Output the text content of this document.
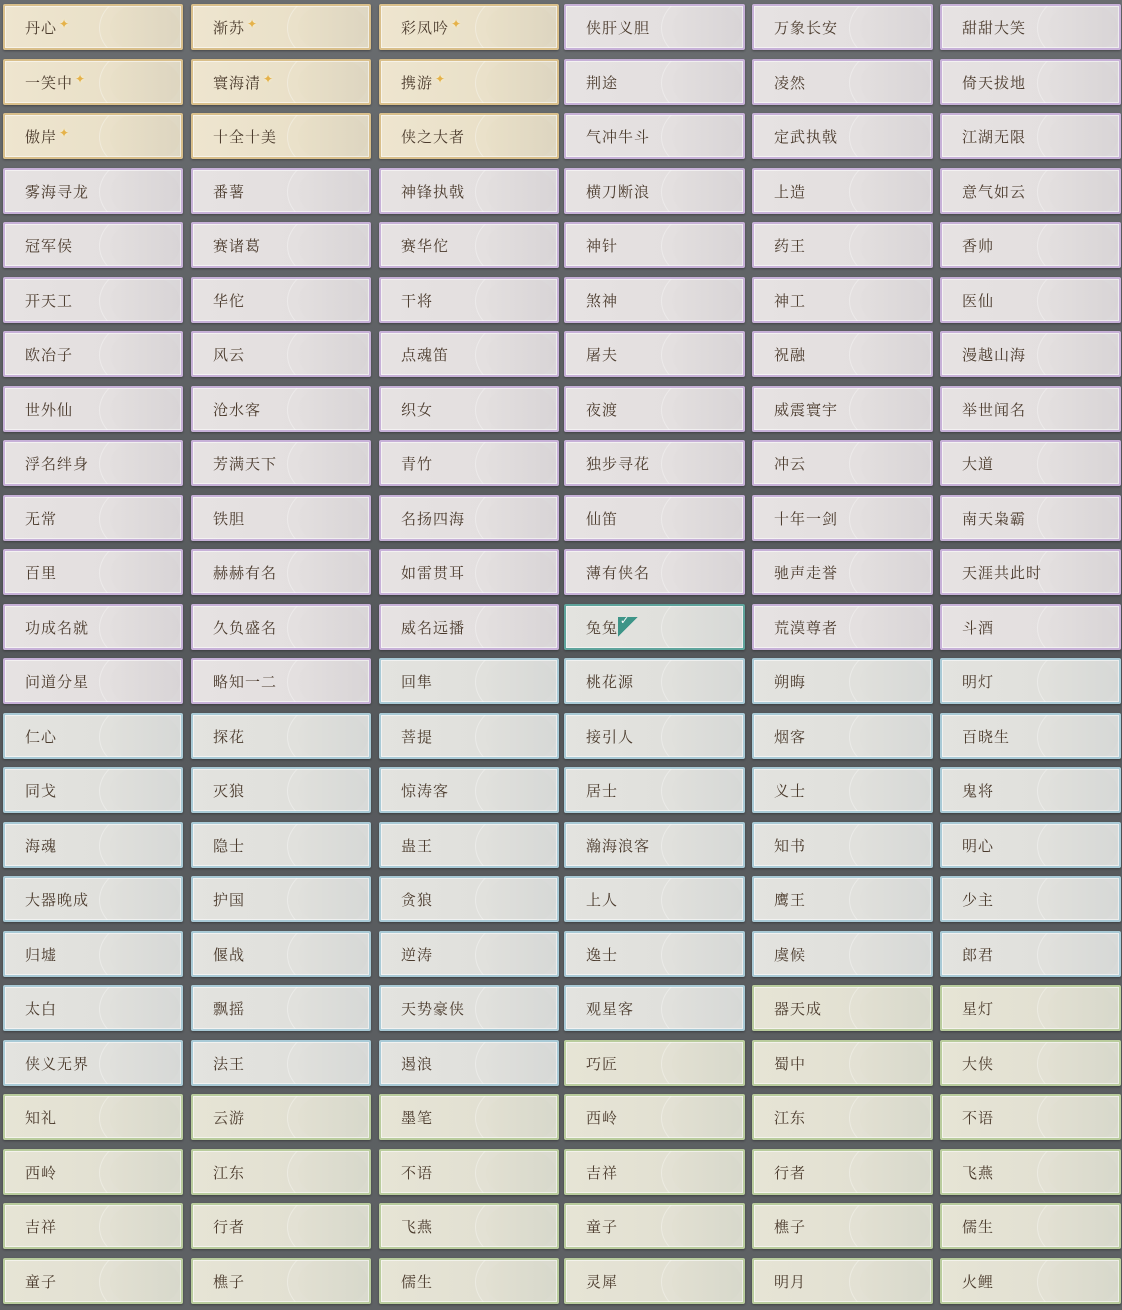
丹心 ✦	渐苏 ✦	彩凤吟 ✦	侠肝义胆	万象长安	甜甜大笑
一笑中 ✦	寰海清 ✦	携游 ✦	荆途	凌然	倚天拔地
傲岸 ✦	十全十美	侠之大者	气冲牛斗	定武执戟	江湖无限
雾海寻龙	番薯	神锋执戟	横刀断浪	上造	意气如云
冠军侯	赛诸葛	赛华佗	神针	药王	香帅
开天工	华佗	干将	煞神	神工	医仙
欧冶子	风云	点魂笛	屠夫	祝融	漫越山海
世外仙	沧水客	织女	夜渡	威震寰宇	举世闻名
浮名绊身	芳满天下	青竹	独步寻花	冲云	大道
无常	铁胆	名扬四海	仙笛	十年一剑	南天枭霸
百里	赫赫有名	如雷贯耳	薄有侠名	驰声走誉	天涯共此时
功成名就	久负盛名	威名远播	兔兔
✓	荒漠尊者	斗酒
问道分星	略知一二	回隼	桃花源	朔晦	明灯
仁心	探花	菩提	接引人	烟客	百晓生
同戈	灭狼	惊涛客	居士	义士	鬼将
海魂	隐士	蛊王	瀚海浪客	知书	明心
大器晚成	护国	贪狼	上人	鹰王	少主
归墟	偃战	逆涛	逸士	虞候	郎君
太白	飘摇	天势豪侠	观星客	器天成	星灯
侠义无界	法王	遏浪	巧匠	蜀中	大侠
知礼	云游	墨笔	西岭	江东	不语
西岭	江东	不语	吉祥	行者	飞燕
吉祥	行者	飞燕	童子	樵子	儒生
童子	樵子	儒生	灵犀	明月	火鲤
